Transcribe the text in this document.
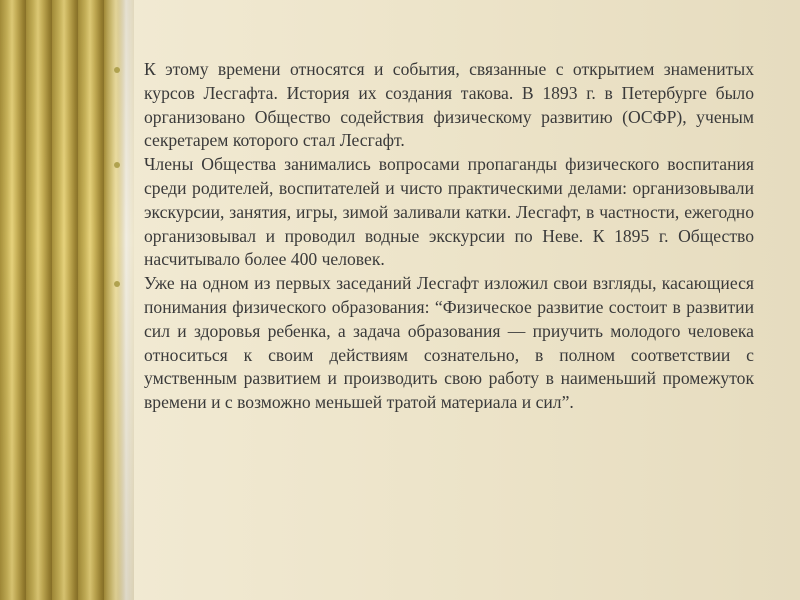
К этому времени относятся и события, связанные с открытием знаменитых курсов Лесгафта. История их создания такова. В 1893 г. в Петербурге было организовано Общество содействия физическому развитию (ОСФР), ученым секретарем которого стал Лесгафт.
Члены Общества занимались вопросами пропаганды физического воспитания среди родителей, воспитателей и чисто практическими делами: организовывали экскурсии, занятия, игры, зимой заливали катки. Лесгафт, в частности, ежегодно организовывал и проводил водные экскурсии по Неве. К 1895 г. Общество насчитывало более 400 человек.
Уже на одном из первых заседаний Лесгафт изложил свои взгляды, касающиеся понимания физического образования: “Физическое развитие состоит в развитии сил и здоровья ребенка, а задача образования — приучить молодого человека относиться к своим действиям сознательно, в полном соответствии с умственным развитием и производить свою работу в наименьший промежуток времени и с возможно меньшей тратой материала и сил”.
